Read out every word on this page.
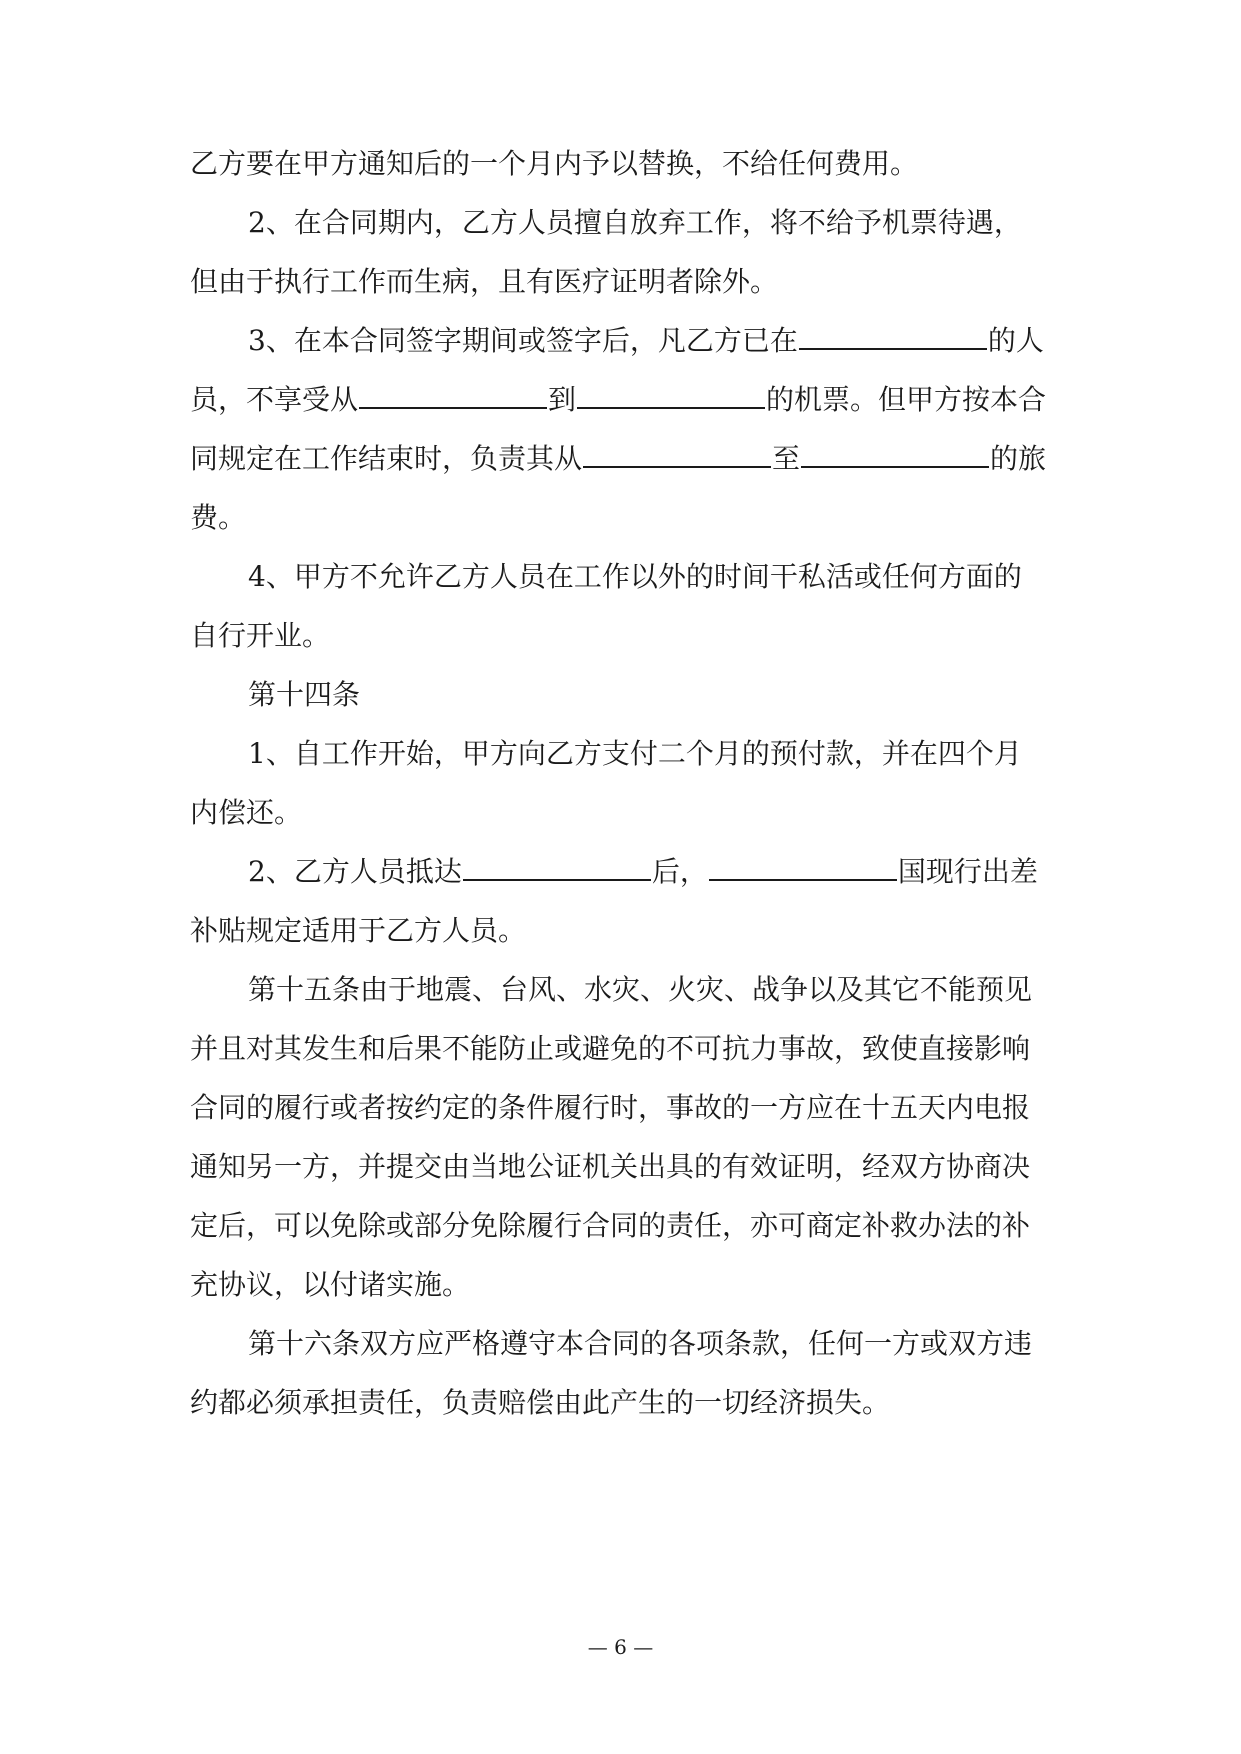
乙方要在甲方通知后的一个月内予以替换，不给任何费用。
2、在合同期内，乙方人员擅自放弃工作，将不给予机票待遇，
但由于执行工作而生病，且有医疗证明者除外。
3、在本合同签字期间或签字后，凡乙方已在	的人
员，不享受从	到	的机票。但甲方按本合
同规定在工作结束时，负责其从	至	的旅
费。
4、甲方不允许乙方人员在工作以外的时间干私活或任何方面的
自行开业。
第十四条
1、自工作开始，甲方向乙方支付二个月的预付款，并在四个月
内偿还。
2、乙方人员抵达	后，	国现行出差
补贴规定适用于乙方人员。
第十五条由于地震、台风、水灾、火灾、战争以及其它不能预见
并且对其发生和后果不能防止或避免的不可抗力事故，致使直接影响
合同的履行或者按约定的条件履行时，事故的一方应在十五天内电报
通知另一方，并提交由当地公证机关出具的有效证明，经双方协商决
定后，可以免除或部分免除履行合同的责任，亦可商定补救办法的补
充协议，以付诸实施。
第十六条双方应严格遵守本合同的各项条款，任何一方或双方违
约都必须承担责任，负责赔偿由此产生的一切经济损失。
— 6 —
